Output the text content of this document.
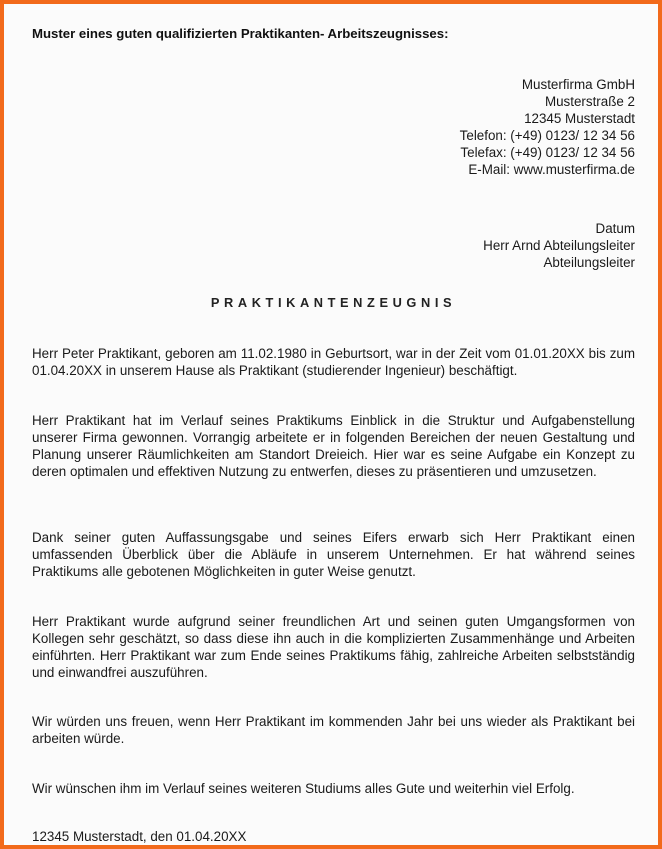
Muster eines guten qualifizierten Praktikanten- Arbeitszeugnisses:
Musterfirma GmbH
Musterstraße 2
12345 Musterstadt
Telefon: (+49) 0123/ 12 34 56
Telefax: (+49) 0123/ 12 34 56
E-Mail: www.musterfirma.de
Datum
Herr Arnd Abteilungsleiter
Abteilungsleiter
PRAKTIKANTENZEUGNIS
Herr Peter Praktikant, geboren am 11.02.1980 in Geburtsort, war in der Zeit vom 01.01.20XX bis zum 01.04.20XX in unserem Hause als Praktikant (studierender Ingenieur) beschäftigt.
Herr Praktikant hat im Verlauf seines Praktikums Einblick in die Struktur und Aufgabenstellung unserer Firma gewonnen. Vorrangig arbeitete er in folgenden Bereichen der neuen Gestaltung und Planung unserer Räumlichkeiten am Standort Dreieich. Hier war es seine Aufgabe ein Konzept zu deren optimalen und effektiven Nutzung zu entwerfen, dieses zu präsentieren und umzusetzen.
Dank seiner guten Auffassungsgabe und seines Eifers erwarb sich Herr Praktikant einen umfassenden Überblick über die Abläufe in unserem Unternehmen. Er hat während seines Praktikums alle gebotenen Möglichkeiten in guter Weise genutzt.
Herr Praktikant wurde aufgrund seiner freundlichen Art und seinen guten Umgangsformen von Kollegen sehr geschätzt, so dass diese ihn auch in die komplizierten Zusammenhänge und Arbeiten einführten. Herr Praktikant war zum Ende seines Praktikums fähig, zahlreiche Arbeiten selbstständig und einwandfrei auszuführen.
Wir würden uns freuen, wenn Herr Praktikant im kommenden Jahr bei uns wieder als Praktikant bei arbeiten würde.
Wir wünschen ihm im Verlauf seines weiteren Studiums alles Gute und weiterhin viel Erfolg.
12345 Musterstadt, den 01.04.20XX
